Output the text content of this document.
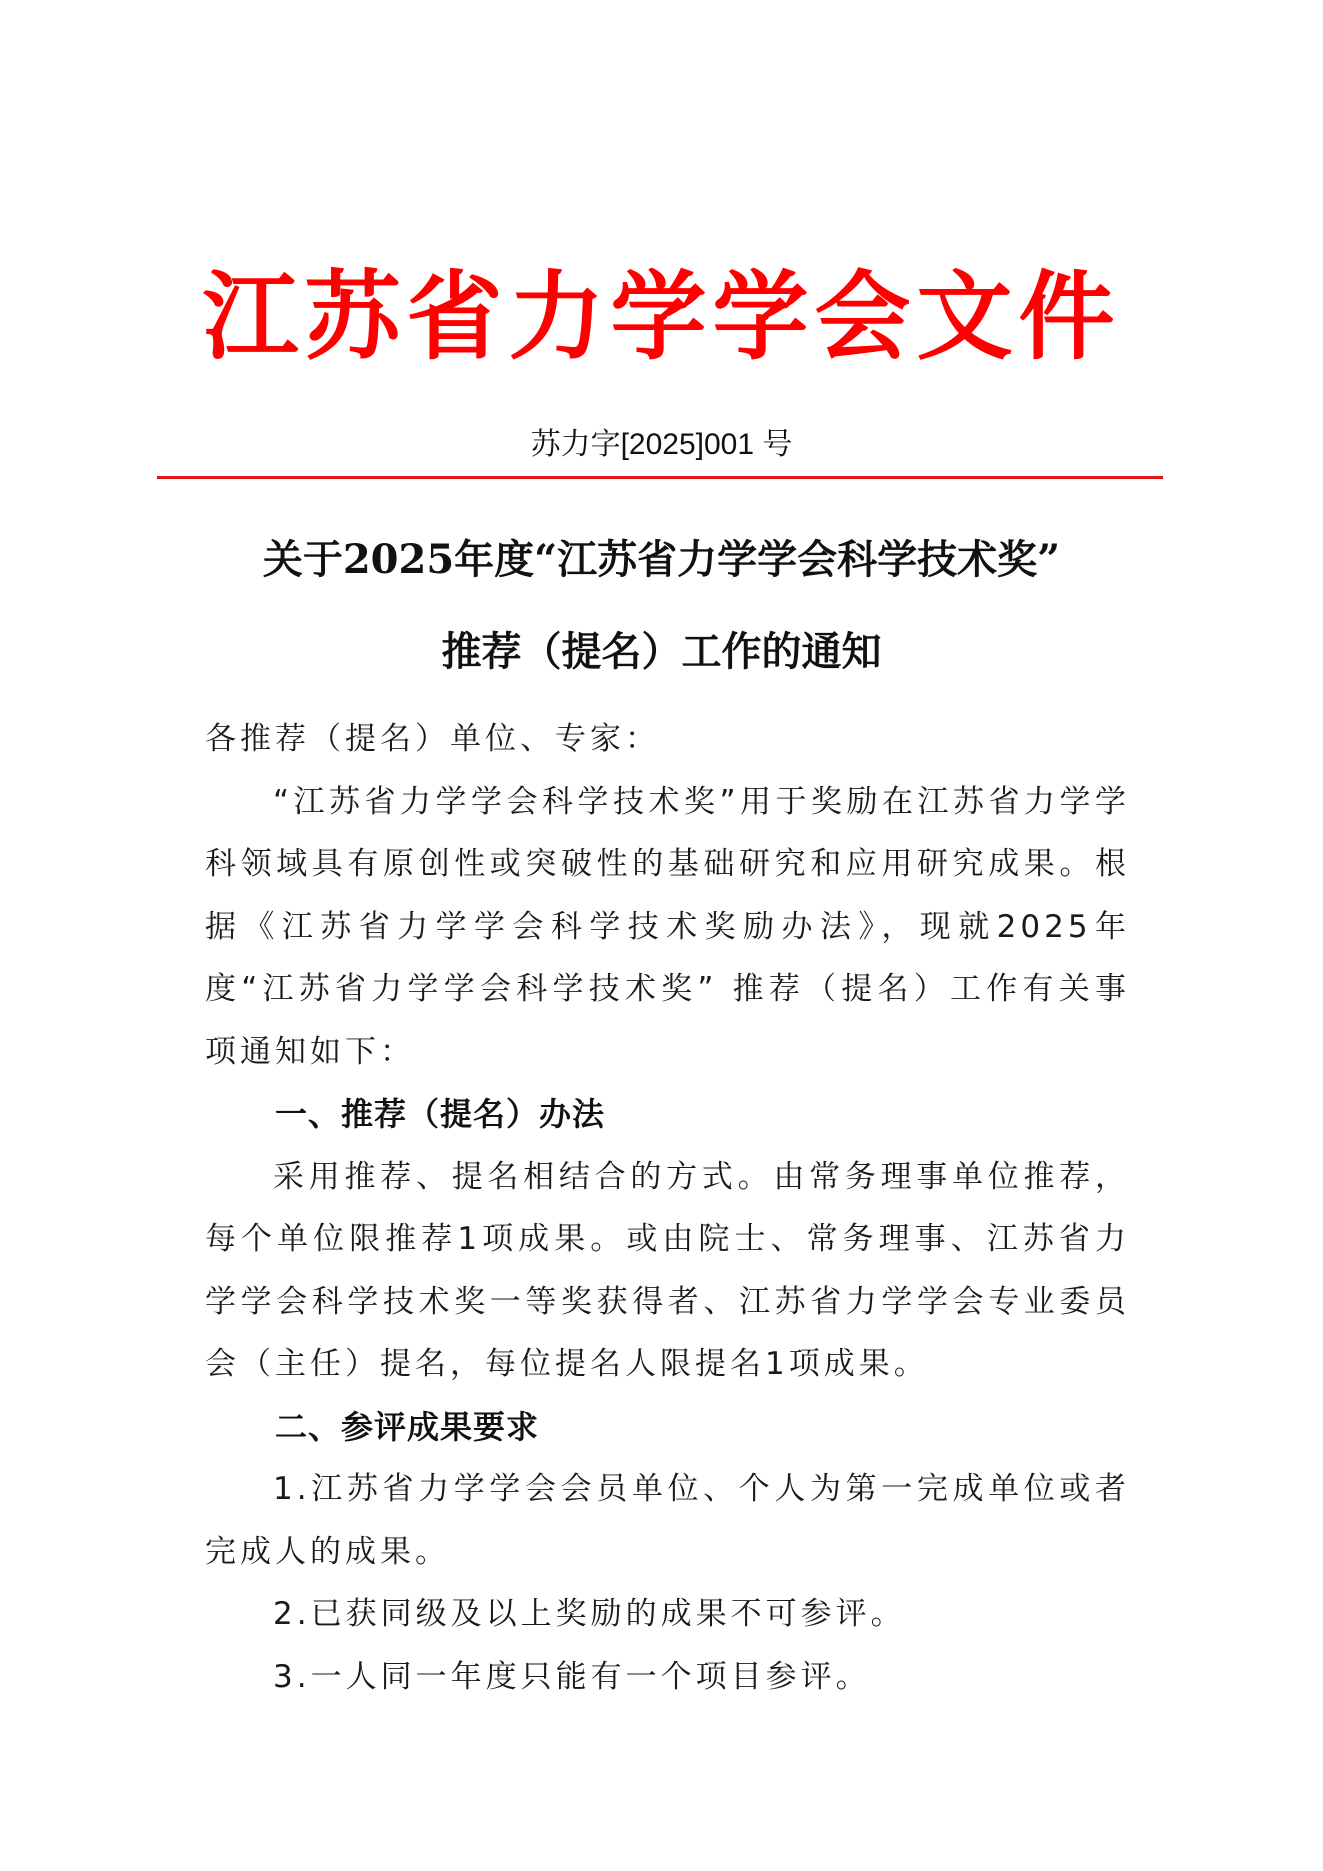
江苏省力学学会文件
苏力字[2025]001 号
关于2025年度“江苏省力学学会科学技术奖”
推荐（提名）工作的通知

各推荐（提名）单位、专家：

“江苏省力学学会科学技术奖”用于奖励在江苏省力学学科领域具有原创性或突破性的基础研究和应用研究成果。根据《江苏省力学学会科学技术奖励办法》，现就2025年度“江苏省力学学会科学技术奖” 推荐（提名）工作有关事项通知如下：

一、推荐（提名）办法

采用推荐、提名相结合的方式。由常务理事单位推荐，每个单位限推荐1项成果。或由院士、常务理事、江苏省力学学会科学技术奖一等奖获得者、江苏省力学学会专业委员会（主任）提名，每位提名人限提名1项成果。

二、参评成果要求

1.江苏省力学学会会员单位、个人为第一完成单位或者完成人的成果。

2.已获同级及以上奖励的成果不可参评。

3.一人同一年度只能有一个项目参评。
